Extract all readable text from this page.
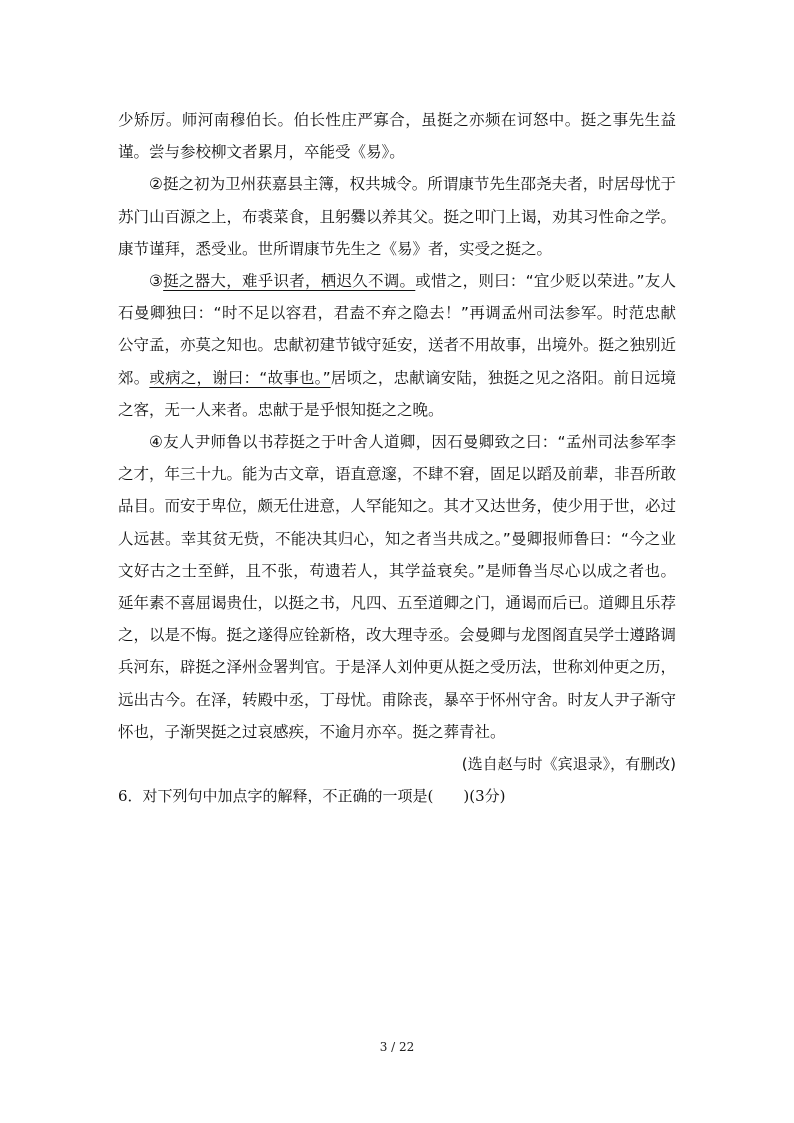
少矫厉。师河南穆伯长。伯长性庄严寡合，虽挺之亦频在诃怒中。挺之事先生益谨。尝与参校柳文者累月，卒能受《易》。

②挺之初为卫州获嘉县主簿，权共城令。所谓康节先生邵尧夫者，时居母忧于苏门山百源之上，布裘菜食，且躬爨以养其父。挺之叩门上谒，劝其习性命之学。康节谨拜，悉受业。世所谓康节先生之《易》者，实受之挺之。

③挺之器大，难乎识者，栖迟久不调。或惜之，则曰：“宜少贬以荣进。”友人石曼卿独曰：“时不足以容君，君盍不弃之隐去！”再调孟州司法参军。时范忠献公守孟，亦莫之知也。忠献初建节钺守延安，送者不用故事，出境外。挺之独别近郊。或病之，谢曰：“故事也。”居顷之，忠献谪安陆，独挺之见之洛阳。前日远境之客，无一人来者。忠献于是乎恨知挺之之晚。

④友人尹师鲁以书荐挺之于叶舍人道卿，因石曼卿致之曰：“孟州司法参军李之才，年三十九。能为古文章，语直意邃，不肆不窘，固足以蹈及前辈，非吾所敢品目。而安于卑位，颇无仕进意，人罕能知之。其才又达世务，使少用于世，必过人远甚。幸其贫无赀，不能决其归心，知之者当共成之。”曼卿报师鲁曰：“今之业文好古之士至鲜，且不张，苟遗若人，其学益衰矣。”是师鲁当尽心以成之者也。延年素不喜屈谒贵仕，以挺之书，凡四、五至道卿之门，通谒而后已。道卿且乐荐之，以是不悔。挺之遂得应铨新格，改大理寺丞。会曼卿与龙图阁直吴学士遵路调兵河东，辟挺之泽州佥署判官。于是泽人刘仲更从挺之受历法，世称刘仲更之历，远出古今。在泽，转殿中丞，丁母忧。甫除丧，暴卒于怀州守舍。时友人尹子渐守怀也，子渐哭挺之过哀感疾，不逾月亦卒。挺之葬青社。

(选自赵与时《宾退录》，有删改)

6．对下列句中加点字的解释，不正确的一项是(　　)(3分)

3 / 22
